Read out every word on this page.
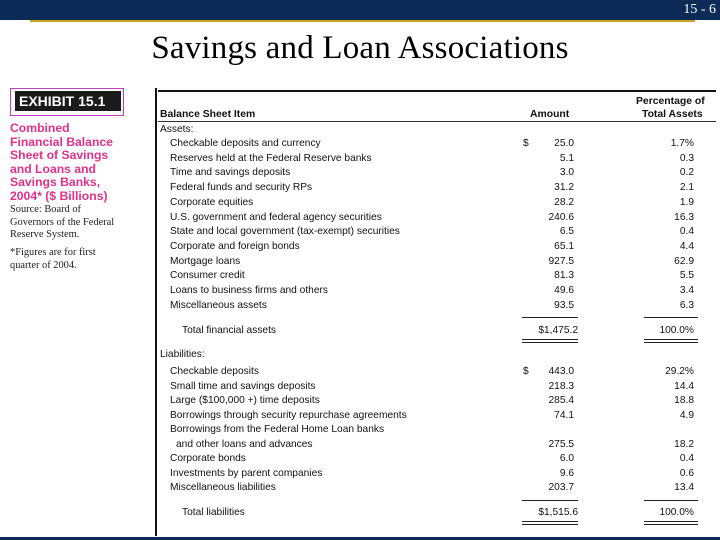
15 - 6
Savings and Loan Associations
EXHIBIT 15.1
Combined
Financial Balance
Sheet of Savings
and Loans and
Savings Banks,
2004* ($ Billions)
Source: Board of
Governors of the Federal
Reserve System.
*Figures are for first
quarter of 2004.
Balance Sheet Item	Amount
Percentage of
Total Assets
Assets:
Liabilities:
Checkable deposits and currency	$	25.0	1.7%
Reserves held at the Federal Reserve banks	5.1	0.3
Time and savings deposits	3.0	0.2
Federal funds and security RPs	31.2	2.1
Corporate equities	28.2	1.9
U.S. government and federal agency securities	240.6	16.3
State and local government (tax-exempt) securities	6.5	0.4
Corporate and foreign bonds	65.1	4.4
Mortgage loans	927.5	62.9
Consumer credit	81.3	5.5
Loans to business firms and others	49.6	3.4
Miscellaneous assets	93.5	6.3
Total financial assets	$1,475.2	100.0%
Checkable deposits	$	443.0	29.2%
Small time and savings deposits	218.3	14.4
Large ($100,000 +) time deposits	285.4	18.8
Borrowings through security repurchase agreements	74.1	4.9
Borrowings from the Federal Home Loan banks
and other loans and advances	275.5	18.2
Corporate bonds	6.0	0.4
Investments by parent companies	9.6	0.6
Miscellaneous liabilities	203.7	13.4
Total liabilities	$1,515.6	100.0%
